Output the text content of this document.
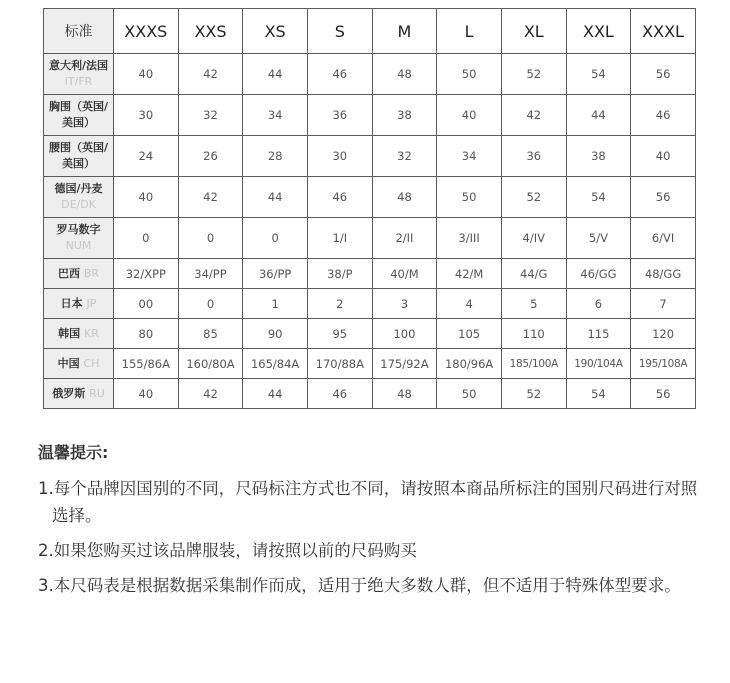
标准	XXXS	XXS	XS	S	M	L	XL	XXL	XXXL
意大利/法国 IT/FR	40	42	44	46	48	50	52	54	56
胸围（英国/美国）	30	32	34	36	38	40	42	44	46
腰围（英国/美国）	24	26	28	30	32	34	36	38	40
德国/丹麦 DE/DK	40	42	44	46	48	50	52	54	56
罗马数字 NUM	0	0	0	1/I	2/II	3/III	4/IV	5/V	6/VI
巴西 BR	32/XPP	34/PP	36/PP	38/P	40/M	42/M	44/G	46/GG	48/GG
日本 JP	00	0	1	2	3	4	5	6	7
韩国 KR	80	85	90	95	100	105	110	115	120
中国 CH	155/86A	160/80A	165/84A	170/88A	175/92A	180/96A	185/100A	190/104A	195/108A
俄罗斯 RU	40	42	44	46	48	50	52	54	56

温馨提示:

1.每个品牌因国别的不同，尺码标注方式也不同，请按照本商品所标注的国别尺码进行对照选择。
2.如果您购买过该品牌服装，请按照以前的尺码购买
3.本尺码表是根据数据采集制作而成，适用于绝大多数人群，但不适用于特殊体型要求。
